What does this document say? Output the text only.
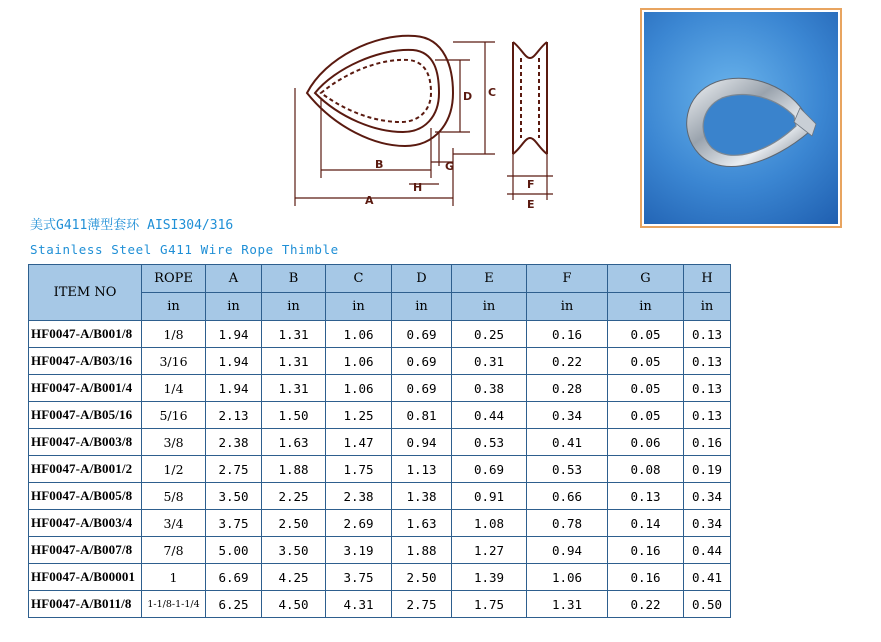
D C
B	G
H
A
F
E
美式G411薄型套环 AISI304/316
Stainless Steel G411 Wire Rope Thimble
ITEM NO	ROPE	A	B	C	D	E	F	G	H
	in	in	in	in	in	in	in	in	in
HF0047-A/B001/8	1/8	1.94	1.31	1.06	0.69	0.25	0.16	0.05	0.13
HF0047-A/B03/16	3/16	1.94	1.31	1.06	0.69	0.31	0.22	0.05	0.13
HF0047-A/B001/4	1/4	1.94	1.31	1.06	0.69	0.38	0.28	0.05	0.13
HF0047-A/B05/16	5/16	2.13	1.50	1.25	0.81	0.44	0.34	0.05	0.13
HF0047-A/B003/8	3/8	2.38	1.63	1.47	0.94	0.53	0.41	0.06	0.16
HF0047-A/B001/2	1/2	2.75	1.88	1.75	1.13	0.69	0.53	0.08	0.19
HF0047-A/B005/8	5/8	3.50	2.25	2.38	1.38	0.91	0.66	0.13	0.34
HF0047-A/B003/4	3/4	3.75	2.50	2.69	1.63	1.08	0.78	0.14	0.34
HF0047-A/B007/8	7/8	5.00	3.50	3.19	1.88	1.27	0.94	0.16	0.44
HF0047-A/B00001	1	6.69	4.25	3.75	2.50	1.39	1.06	0.16	0.41
HF0047-A/B011/8	1-1/8-1-1/4	6.25	4.50	4.31	2.75	1.75	1.31	0.22	0.50
